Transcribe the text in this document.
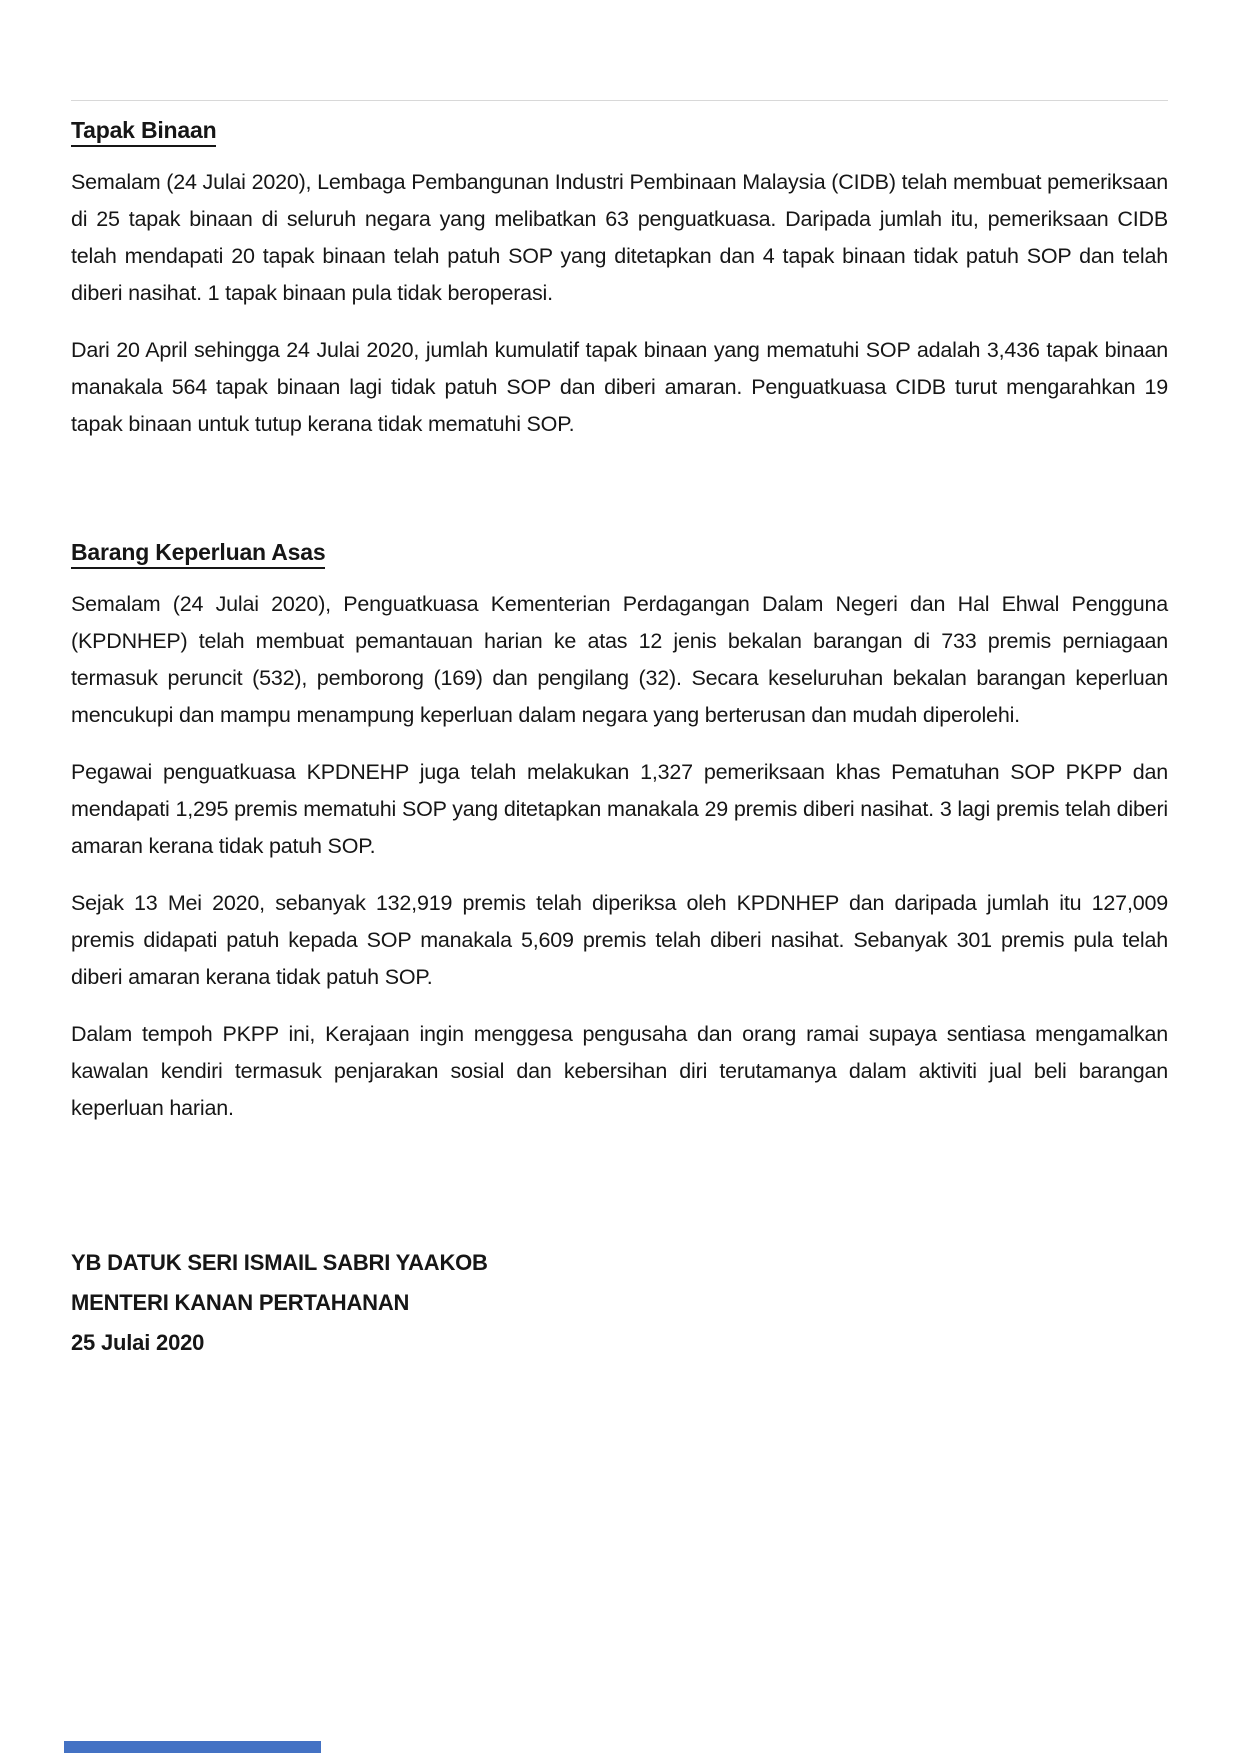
Tapak Binaan

Semalam (24 Julai 2020), Lembaga Pembangunan Industri Pembinaan Malaysia (CIDB) telah membuat pemeriksaan di 25 tapak binaan di seluruh negara yang melibatkan 63 penguatkuasa. Daripada jumlah itu, pemeriksaan CIDB telah mendapati 20 tapak binaan telah patuh SOP yang ditetapkan dan 4 tapak binaan tidak patuh SOP dan telah diberi nasihat. 1 tapak binaan pula tidak beroperasi.

Dari 20 April sehingga 24 Julai 2020, jumlah kumulatif tapak binaan yang mematuhi SOP adalah 3,436 tapak binaan manakala 564 tapak binaan lagi tidak patuh SOP dan diberi amaran. Penguatkuasa CIDB turut mengarahkan 19 tapak binaan untuk tutup kerana tidak mematuhi SOP.

Barang Keperluan Asas

Semalam (24 Julai 2020), Penguatkuasa Kementerian Perdagangan Dalam Negeri dan Hal Ehwal Pengguna (KPDNHEP) telah membuat pemantauan harian ke atas 12 jenis bekalan barangan di 733 premis perniagaan termasuk peruncit (532), pemborong (169) dan pengilang (32). Secara keseluruhan bekalan barangan keperluan mencukupi dan mampu menampung keperluan dalam negara yang berterusan dan mudah diperolehi.

Pegawai penguatkuasa KPDNEHP juga telah melakukan 1,327 pemeriksaan khas Pematuhan SOP PKPP dan mendapati 1,295 premis mematuhi SOP yang ditetapkan manakala 29 premis diberi nasihat. 3 lagi premis telah diberi amaran kerana tidak patuh SOP.

Sejak 13 Mei 2020, sebanyak 132,919 premis telah diperiksa oleh KPDNHEP dan daripada jumlah itu 127,009 premis didapati patuh kepada SOP manakala 5,609 premis telah diberi nasihat. Sebanyak 301 premis pula telah diberi amaran kerana tidak patuh SOP.

Dalam tempoh PKPP ini, Kerajaan ingin menggesa pengusaha dan orang ramai supaya sentiasa mengamalkan kawalan kendiri termasuk penjarakan sosial dan kebersihan diri terutamanya dalam aktiviti jual beli barangan keperluan harian.

YB DATUK SERI ISMAIL SABRI YAAKOB
MENTERI KANAN PERTAHANAN
25 Julai 2020
